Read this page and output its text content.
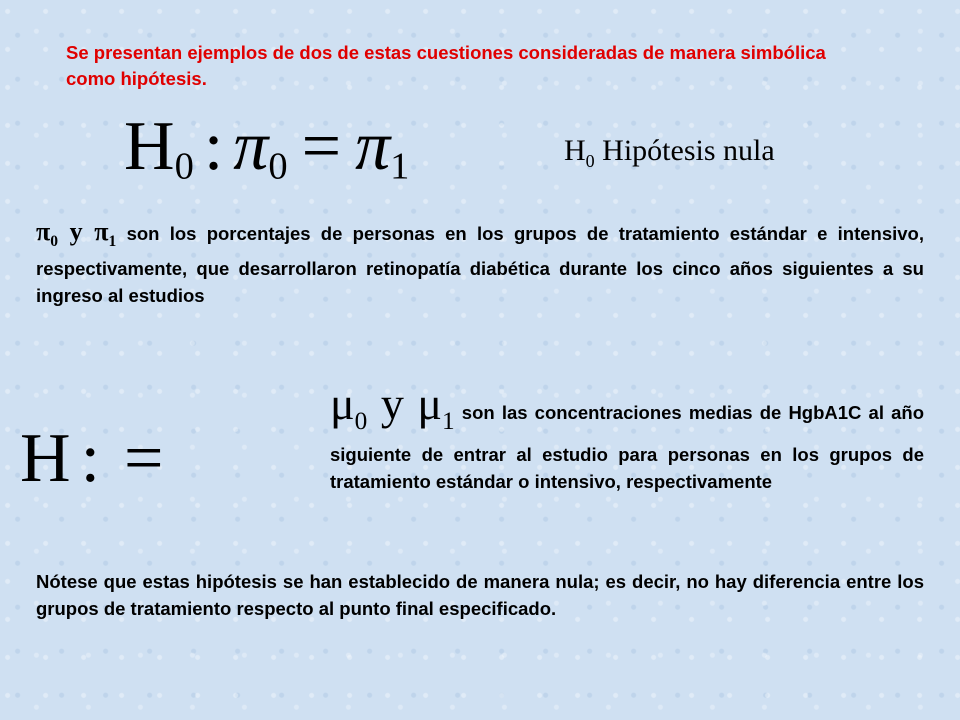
Se presentan ejemplos de dos de estas cuestiones consideradas de manera simbólica como hipótesis.
$H_0$ : $\pi_0 = \pi_1$	$H_0$ Hipótesis nula
$\pi_0$ y $\pi_1$ son los porcentajes de personas en los grupos de tratamiento estándar e intensivo, respectivamente, que desarrollaron retinopatía diabética durante los cinco años siguientes a su ingreso al estudios
H : =
$\mu_0$ y $\mu_1$ son las concentraciones medias de HgbA1C al año siguiente de entrar al estudio para personas en los grupos de tratamiento estándar o intensivo, respectivamente
Nótese que estas hipótesis se han establecido de manera nula; es decir, no hay diferencia entre los grupos de tratamiento respecto al punto final especificado.
